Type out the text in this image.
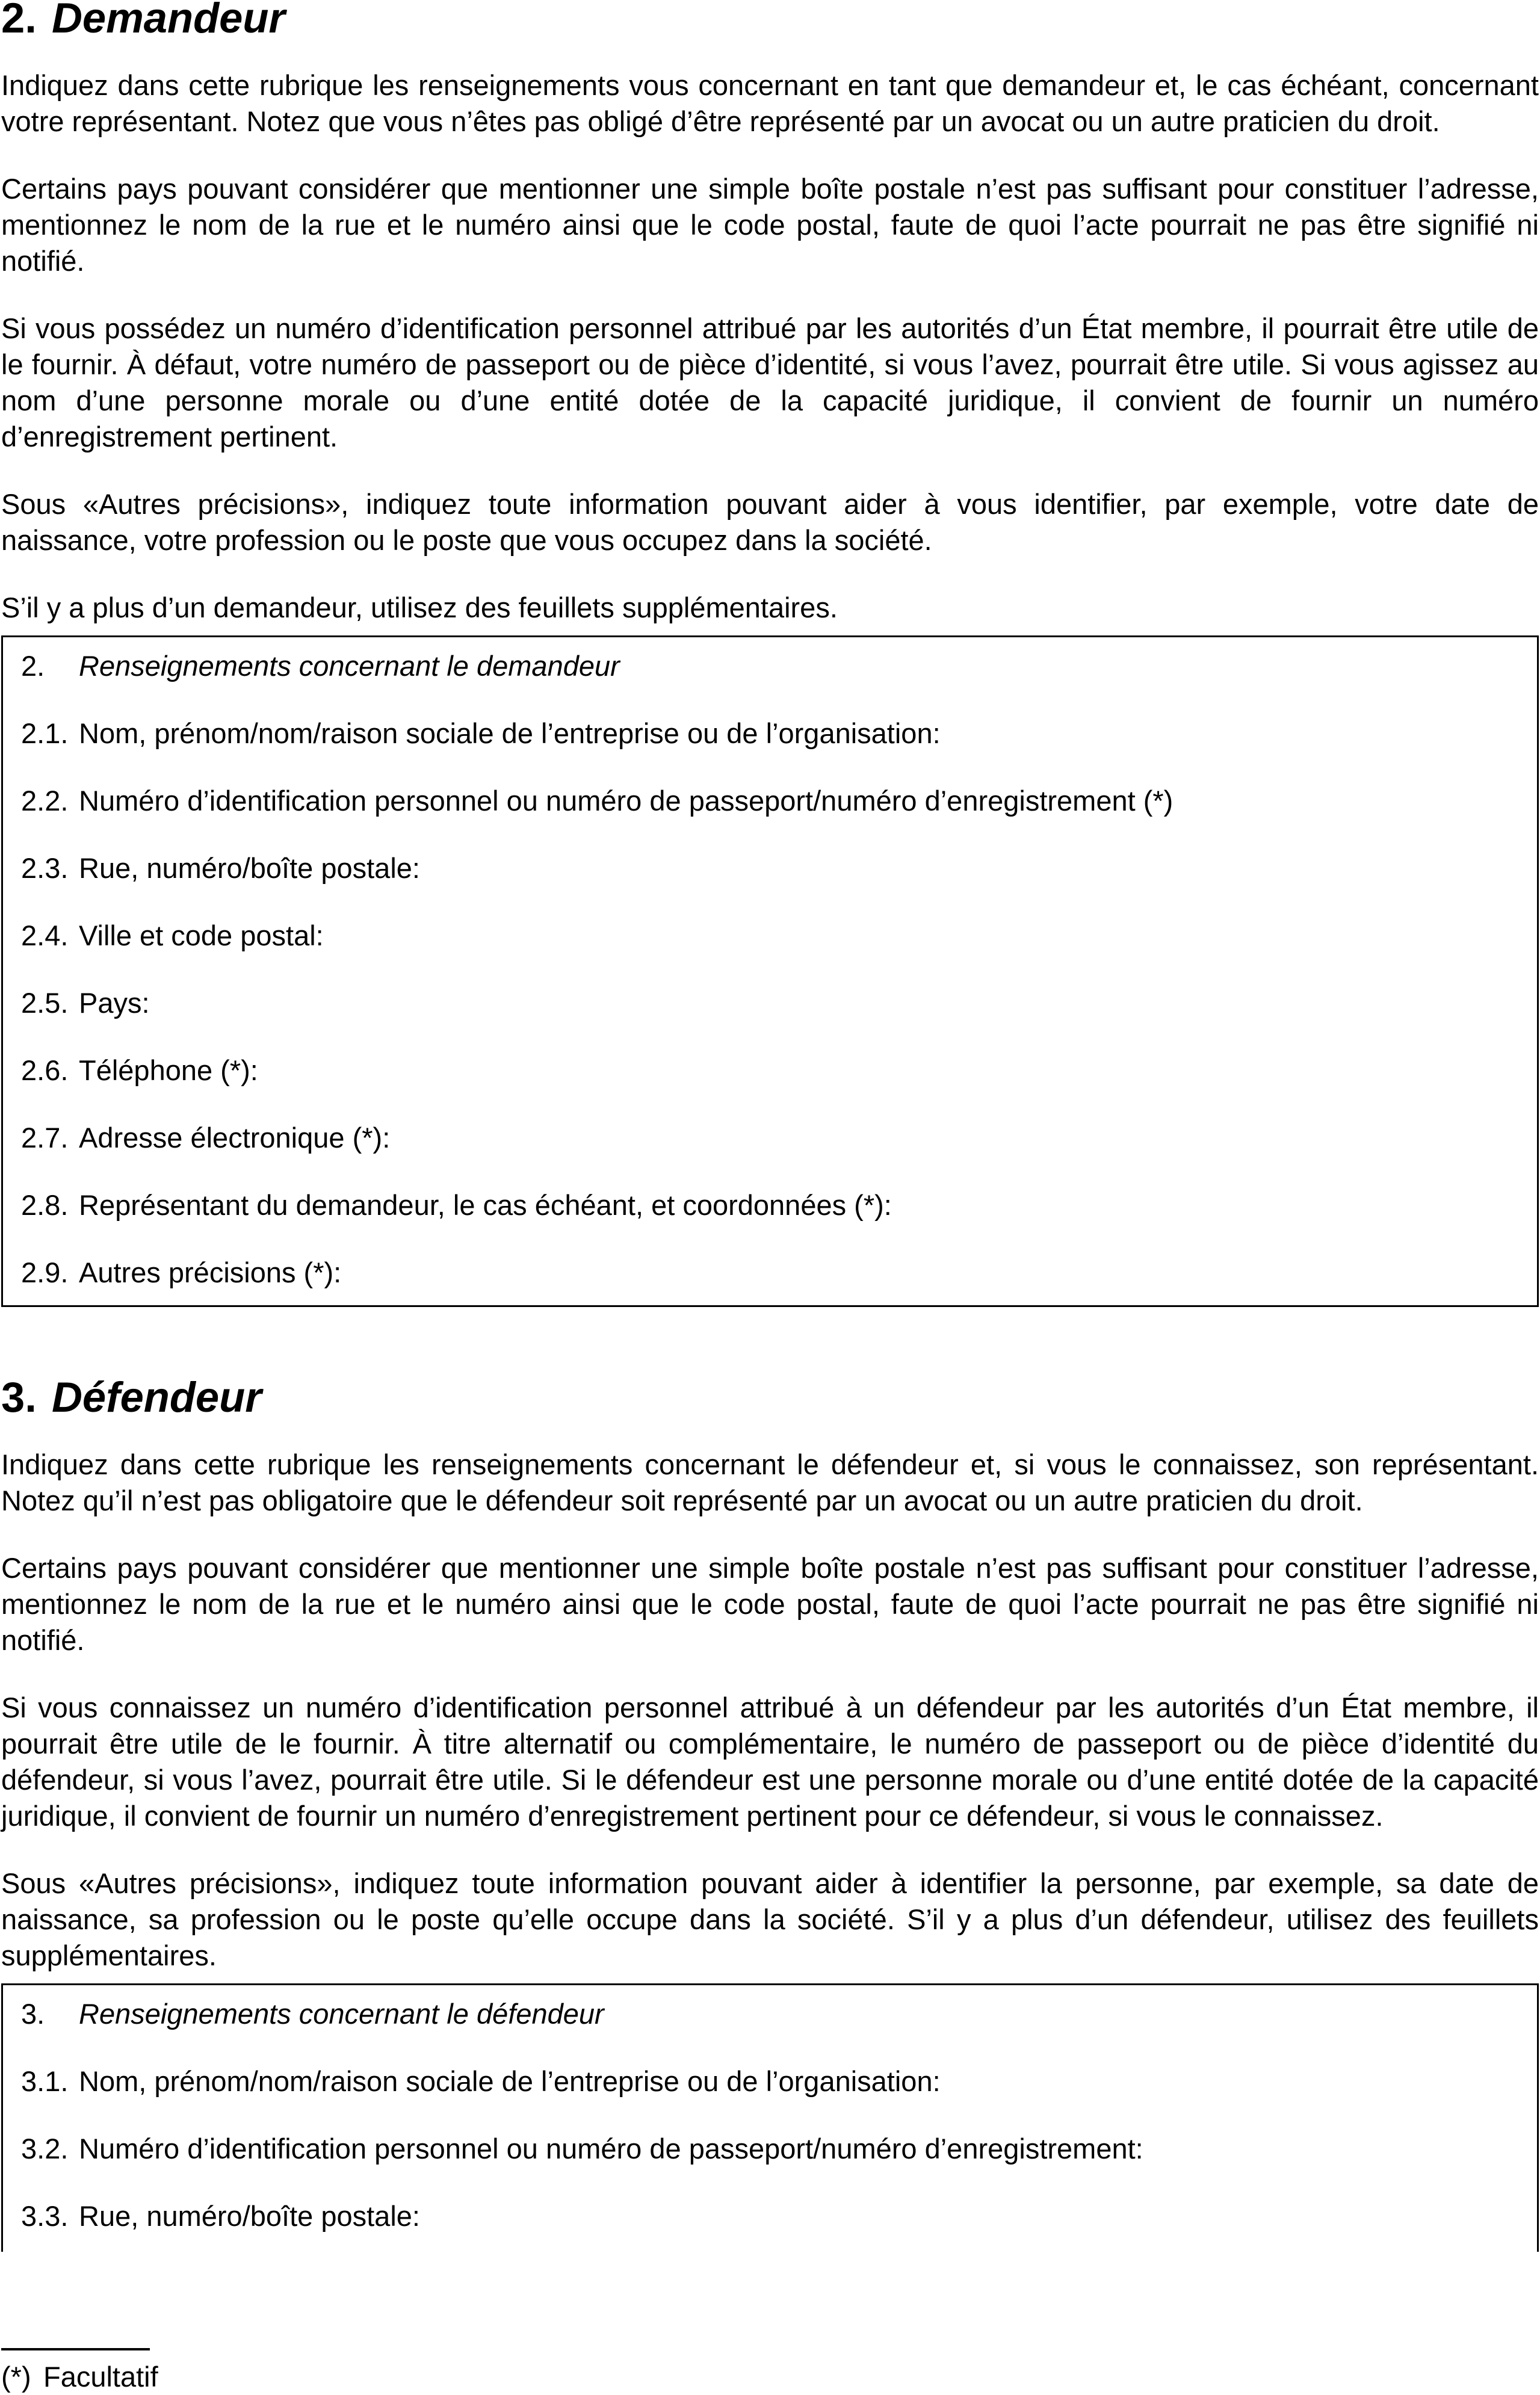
2. Demandeur

Indiquez dans cette rubrique les renseignements vous concernant en tant que demandeur et, le cas échéant, concernant votre représentant. Notez que vous n’êtes pas obligé d’être représenté par un avocat ou un autre praticien du droit.

Certains pays pouvant considérer que mentionner une simple boîte postale n’est pas suffisant pour constituer l’adresse, mentionnez le nom de la rue et le numéro ainsi que le code postal, faute de quoi l’acte pourrait ne pas être signifié ni notifié.

Si vous possédez un numéro d’identification personnel attribué par les autorités d’un État membre, il pourrait être utile de le fournir. À défaut, votre numéro de passeport ou de pièce d’identité, si vous l’avez, pourrait être utile. Si vous agissez au nom d’une personne morale ou d’une entité dotée de la capacité juridique, il convient de fournir un numéro d’enregistrement pertinent.

Sous «Autres précisions», indiquez toute information pouvant aider à vous identifier, par exemple, votre date de naissance, votre profession ou le poste que vous occupez dans la société.

S’il y a plus d’un demandeur, utilisez des feuillets supplémentaires.

2.	Renseignements concernant le demandeur
2.1. Nom, prénom/nom/raison sociale de l’entreprise ou de l’organisation:
2.2. Numéro d’identification personnel ou numéro de passeport/numéro d’enregistrement (*)
2.3. Rue, numéro/boîte postale:
2.4. Ville et code postal:
2.5. Pays:
2.6. Téléphone (*):
2.7. Adresse électronique (*):
2.8. Représentant du demandeur, le cas échéant, et coordonnées (*):
2.9. Autres précisions (*):
3. Défendeur

Indiquez dans cette rubrique les renseignements concernant le défendeur et, si vous le connaissez, son représentant. Notez qu’il n’est pas obligatoire que le défendeur soit représenté par un avocat ou un autre praticien du droit.

Certains pays pouvant considérer que mentionner une simple boîte postale n’est pas suffisant pour constituer l’adresse, mentionnez le nom de la rue et le numéro ainsi que le code postal, faute de quoi l’acte pourrait ne pas être signifié ni notifié.

Si vous connaissez un numéro d’identification personnel attribué à un défendeur par les autorités d’un État membre, il pourrait être utile de le fournir. À titre alternatif ou complémentaire, le numéro de passeport ou de pièce d’identité du défendeur, si vous l’avez, pourrait être utile. Si le défendeur est une personne morale ou d’une entité dotée de la capacité juridique, il convient de fournir un numéro d’enregistrement pertinent pour ce défendeur, si vous le connaissez.

Sous «Autres précisions», indiquez toute information pouvant aider à identifier la personne, par exemple, sa date de naissance, sa profession ou le poste qu’elle occupe dans la société. S’il y a plus d’un défendeur, utilisez des feuillets supplémentaires.

3.	Renseignements concernant le défendeur
3.1. Nom, prénom/nom/raison sociale de l’entreprise ou de l’organisation:
3.2. Numéro d’identification personnel ou numéro de passeport/numéro d’enregistrement:
3.3. Rue, numéro/boîte postale:
(*) Facultatif
